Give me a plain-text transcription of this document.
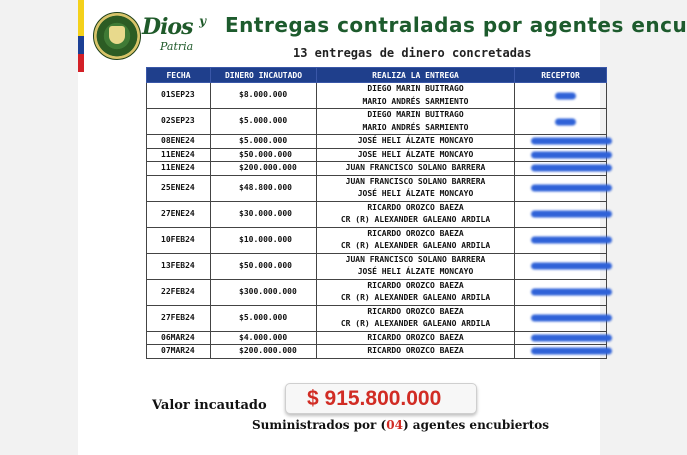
Dios $^y$
Patria
Entregas contraladas por agentes encu
13 entregas de dinero concretadas
FECHA	DINERO INCAUTADO	REALIZA LA ENTREGA	RECEPTOR
01SEP23	$8.000.000	DIEGO MARIN BUITRAGO
MARIO ANDRÉS SARMIENTO	

02SEP23	$5.000.000	DIEGO MARIN BUITRAGO
MARIO ANDRÉS SARMIENTO	

08ENE24	$5.000.000	JOSÉ HELI ÁLZATE MONCAYO	

11ENE24	$50.000.000	JOSE HELI ÁLZATE MONCAYO	

11ENE24	$200.000.000	JUAN FRANCISCO SOLANO BARRERA	

25ENE24	$48.800.000	JUAN FRANCISCO SOLANO BARRERA
JOSÉ HELI ÁLZATE MONCAYO	

27ENE24	$30.000.000	RICARDO OROZCO BAEZA
CR (R) ALEXANDER GALEANO ARDILA	

10FEB24	$10.000.000	RICARDO OROZCO BAEZA
CR (R) ALEXANDER GALEANO ARDILA	

13FEB24	$50.000.000	JUAN FRANCISCO SOLANO BARRERA
JOSÉ HELI ÁLZATE MONCAYO	

22FEB24	$300.000.000	RICARDO OROZCO BAEZA
CR (R) ALEXANDER GALEANO ARDILA	

27FEB24	$5.000.000	RICARDO OROZCO BAEZA
CR (R) ALEXANDER GALEANO ARDILA	

06MAR24	$4.000.000	RICARDO OROZCO BAEZA	

07MAR24	$200.000.000	RICARDO OROZCO BAEZA	

Valor incautado $ 915.800.000
Suministrados por (04) agentes encubiertos
